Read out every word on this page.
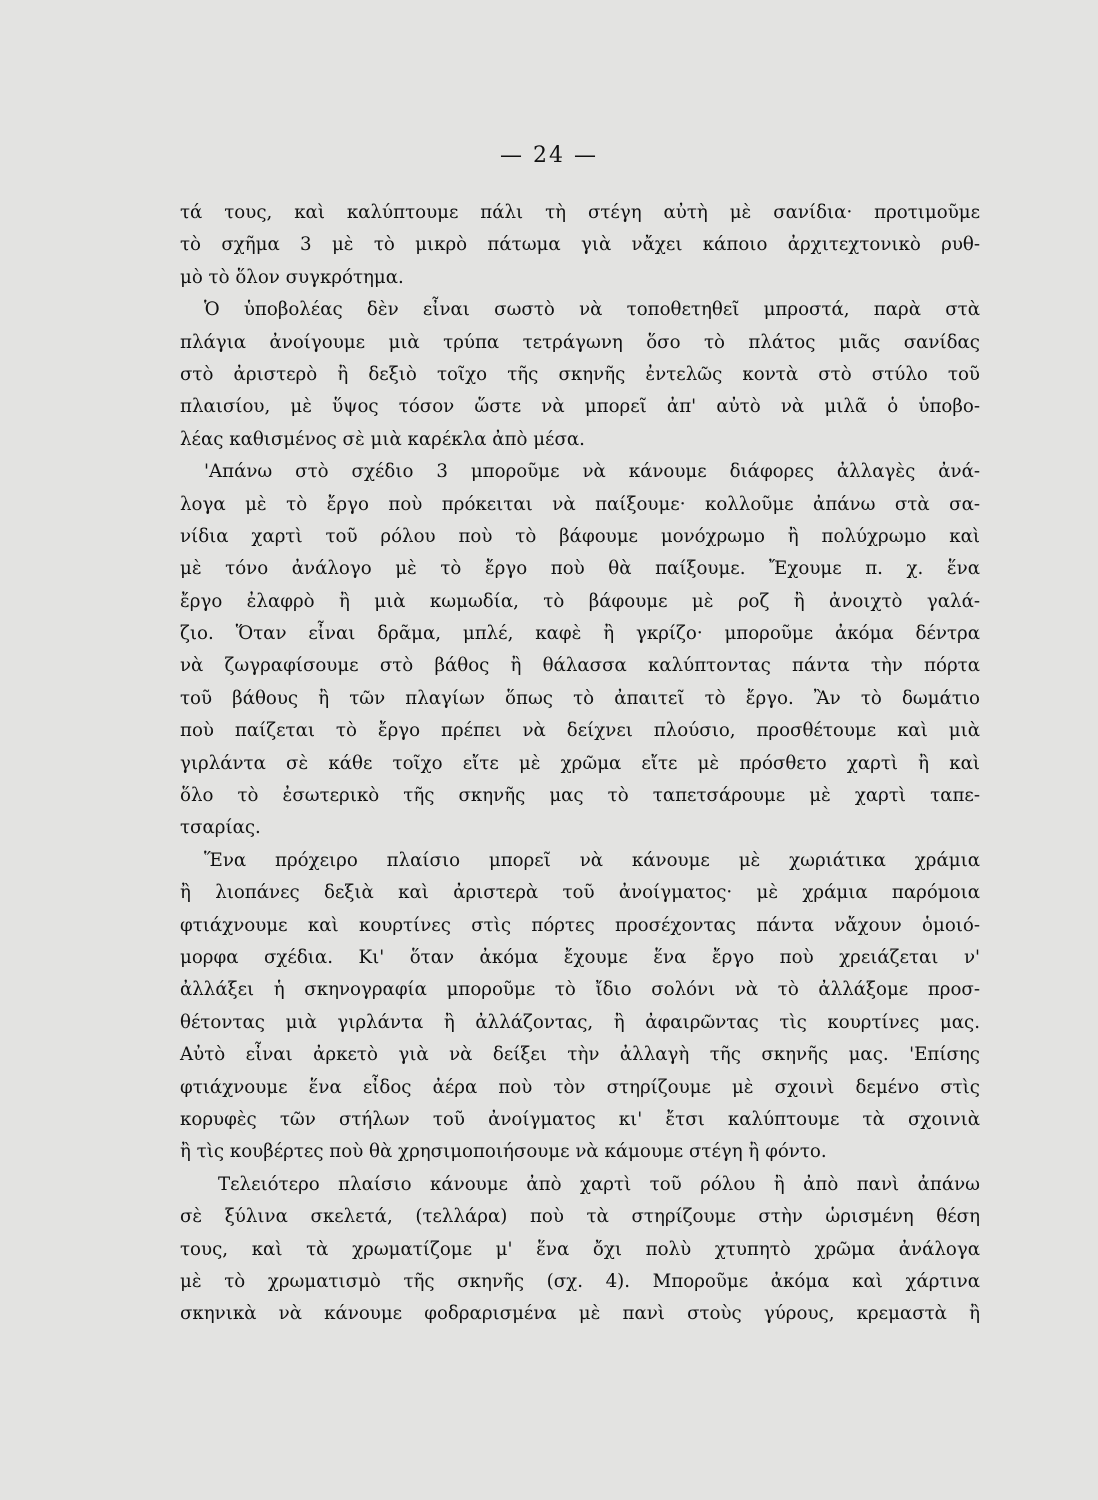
— 24 —
τά τους, καὶ καλύπτουμε πάλι τὴ στέγη αὐτὴ μὲ σανίδια· προτιμοῦμε
τὸ σχῆμα 3 μὲ τὸ μικρὸ πάτωμα γιὰ νἄχει κάποιο ἀρχιτεχτονικὸ ρυθ-
μὸ τὸ ὅλον συγκρότημα.
Ὁ ὑποβολέας δὲν εἶναι σωστὸ νὰ τοποθετηθεῖ μπροστά, παρὰ στὰ
πλάγια ἀνοίγουμε μιὰ τρύπα τετράγωνη ὅσο τὸ πλάτος μιᾶς σανίδας
στὸ ἀριστερὸ ἢ δεξιὸ τοῖχο τῆς σκηνῆς ἐντελῶς κοντὰ στὸ στύλο τοῦ
πλαισίου, μὲ ὕψος τόσον ὥστε νὰ μπορεῖ ἀπ' αὐτὸ νὰ μιλᾶ ὁ ὑποβο-
λέας καθισμένος σὲ μιὰ καρέκλα ἀπὸ μέσα.
'Απάνω στὸ σχέδιο 3 μποροῦμε νὰ κάνουμε διάφορες ἀλλαγὲς ἀνά-
λογα μὲ τὸ ἔργο ποὺ πρόκειται νὰ παίξουμε· κολλοῦμε ἀπάνω στὰ σα-
νίδια χαρτὶ τοῦ ρόλου ποὺ τὸ βάφουμε μονόχρωμο ἢ πολύχρωμο καὶ
μὲ τόνο ἀνάλογο μὲ τὸ ἔργο ποὺ θὰ παίξουμε. Ἔχουμε π. χ. ἕνα
ἔργο ἐλαφρὸ ἢ μιὰ κωμωδία, τὸ βάφουμε μὲ ροζ ἢ ἀνοιχτὸ γαλά-
ζιο. Ὅταν εἶναι δρᾶμα, μπλέ, καφὲ ἢ γκρίζο· μποροῦμε ἀκόμα δέντρα
νὰ ζωγραφίσουμε στὸ βάθος ἢ θάλασσα καλύπτοντας πάντα τὴν πόρτα
τοῦ βάθους ἢ τῶν πλαγίων ὅπως τὸ ἀπαιτεῖ τὸ ἔργο. Ἂν τὸ δωμάτιο
ποὺ παίζεται τὸ ἔργο πρέπει νὰ δείχνει πλούσιο, προσθέτουμε καὶ μιὰ
γιρλάντα σὲ κάθε τοῖχο εἴτε μὲ χρῶμα εἴτε μὲ πρόσθετο χαρτὶ ἢ καὶ
ὅλο τὸ ἐσωτερικὸ τῆς σκηνῆς μας τὸ ταπετσάρουμε μὲ χαρτὶ ταπε-
τσαρίας.
Ἕνα πρόχειρο πλαίσιο μπορεῖ νὰ κάνουμε μὲ χωριάτικα χράμια
ἢ λιοπάνες δεξιὰ καὶ ἀριστερὰ τοῦ ἀνοίγματος· μὲ χράμια παρόμοια
φτιάχνουμε καὶ κουρτίνες στὶς πόρτες προσέχοντας πάντα νἄχουν ὁμοιό-
μορφα σχέδια. Κι' ὅταν ἀκόμα ἔχουμε ἕνα ἔργο ποὺ χρειάζεται ν'
ἀλλάξει ἡ σκηνογραφία μποροῦμε τὸ ἴδιο σολόνι νὰ τὸ ἀλλάξομε προσ-
θέτοντας μιὰ γιρλάντα ἢ ἀλλάζοντας, ἢ ἀφαιρῶντας τὶς κουρτίνες μας.
Αὐτὸ εἶναι ἀρκετὸ γιὰ νὰ δείξει τὴν ἀλλαγὴ τῆς σκηνῆς μας. 'Επίσης
φτιάχνουμε ἕνα εἶδος ἀέρα ποὺ τὸν στηρίζουμε μὲ σχοινὶ δεμένο στὶς
κορυφὲς τῶν στήλων τοῦ ἀνοίγματος κι' ἔτσι καλύπτουμε τὰ σχοινιὰ
ἢ τὶς κουβέρτες ποὺ θὰ χρησιμοποιήσουμε νὰ κάμουμε στέγη ἢ φόντο.
Τελειότερο πλαίσιο κάνουμε ἀπὸ χαρτὶ τοῦ ρόλου ἢ ἀπὸ πανὶ ἀπάνω
σὲ ξύλινα σκελετά, (τελλάρα) ποὺ τὰ στηρίζουμε στὴν ὡρισμένη θέση
τους, καὶ τὰ χρωματίζομε μ' ἕνα ὄχι πολὺ χτυπητὸ χρῶμα ἀνάλογα
μὲ τὸ χρωματισμὸ τῆς σκηνῆς (σχ. 4). Μποροῦμε ἀκόμα καὶ χάρτινα
σκηνικὰ νὰ κάνουμε φοδραρισμένα μὲ πανὶ στοὺς γύρους, κρεμαστὰ ἢ
